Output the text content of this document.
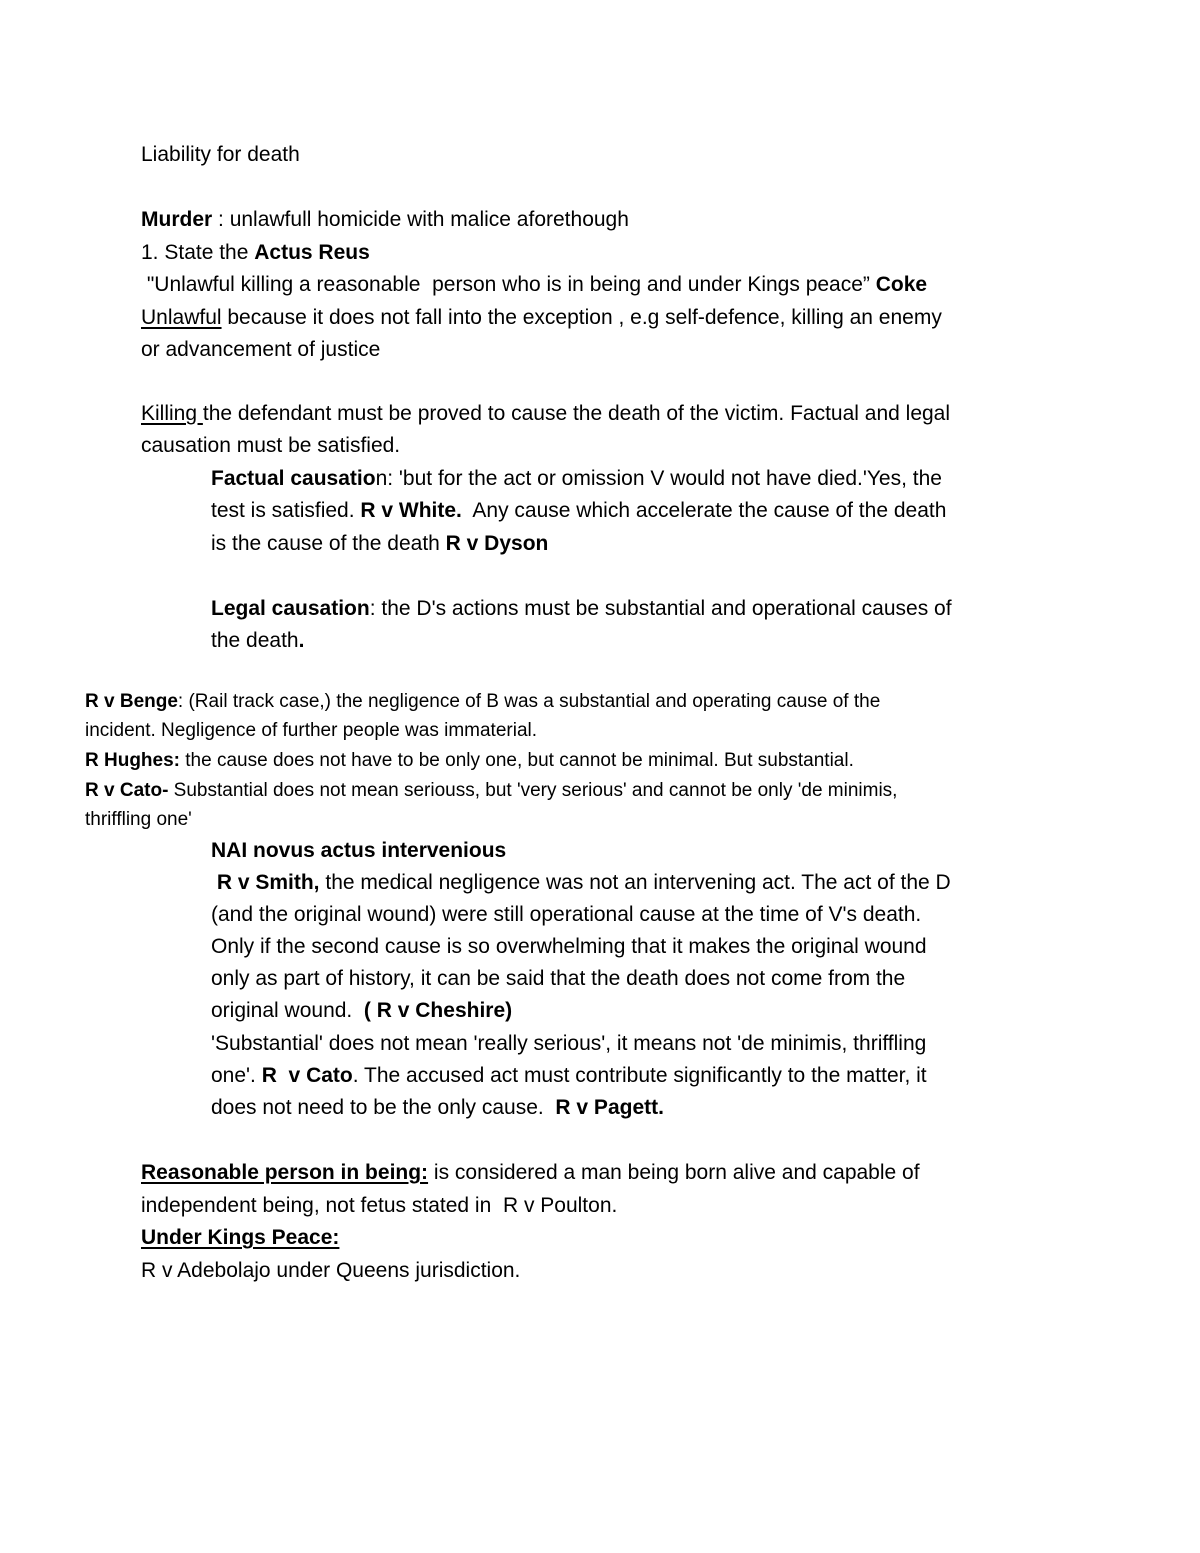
Liability for death

Murder : unlawfull homicide with malice aforethough

1. State the Actus Reus

"Unlawful killing a reasonable  person who is in being and under Kings peace” Coke

Unlawful because it does not fall into the exception , e.g self-defence, killing an enemy

or advancement of justice

Killing the defendant must be proved to cause the death of the victim. Factual and legal

causation must be satisfied.

Factual causation: 'but for the act or omission V would not have died.'Yes, the

test is satisfied. R v White.  Any cause which accelerate the cause of the death

is the cause of the death R v Dyson

Legal causation: the D's actions must be substantial and operational causes of

the death.

R v Benge: (Rail track case,) the negligence of B was a substantial and operating cause of the

incident. Negligence of further people was immaterial.

R Hughes: the cause does not have to be only one, but cannot be minimal. But substantial.

R v Cato- Substantial does not mean seriouss, but 'very serious' and cannot be only 'de minimis,

thriffling one'

NAI novus actus intervenious

R v Smith, the medical negligence was not an intervening act. The act of the D

(and the original wound) were still operational cause at the time of V's death.

Only if the second cause is so overwhelming that it makes the original wound

only as part of history, it can be said that the death does not come from the

original wound.  ( R v Cheshire)

'Substantial' does not mean 'really serious', it means not 'de minimis, thriffling

one'. R  v Cato. The accused act must contribute significantly to the matter, it

does not need to be the only cause.  R v Pagett.

Reasonable person in being: is considered a man being born alive and capable of

independent being, not fetus stated in  R v Poulton.

Under Kings Peace:

R v Adebolajo under Queens jurisdiction.
